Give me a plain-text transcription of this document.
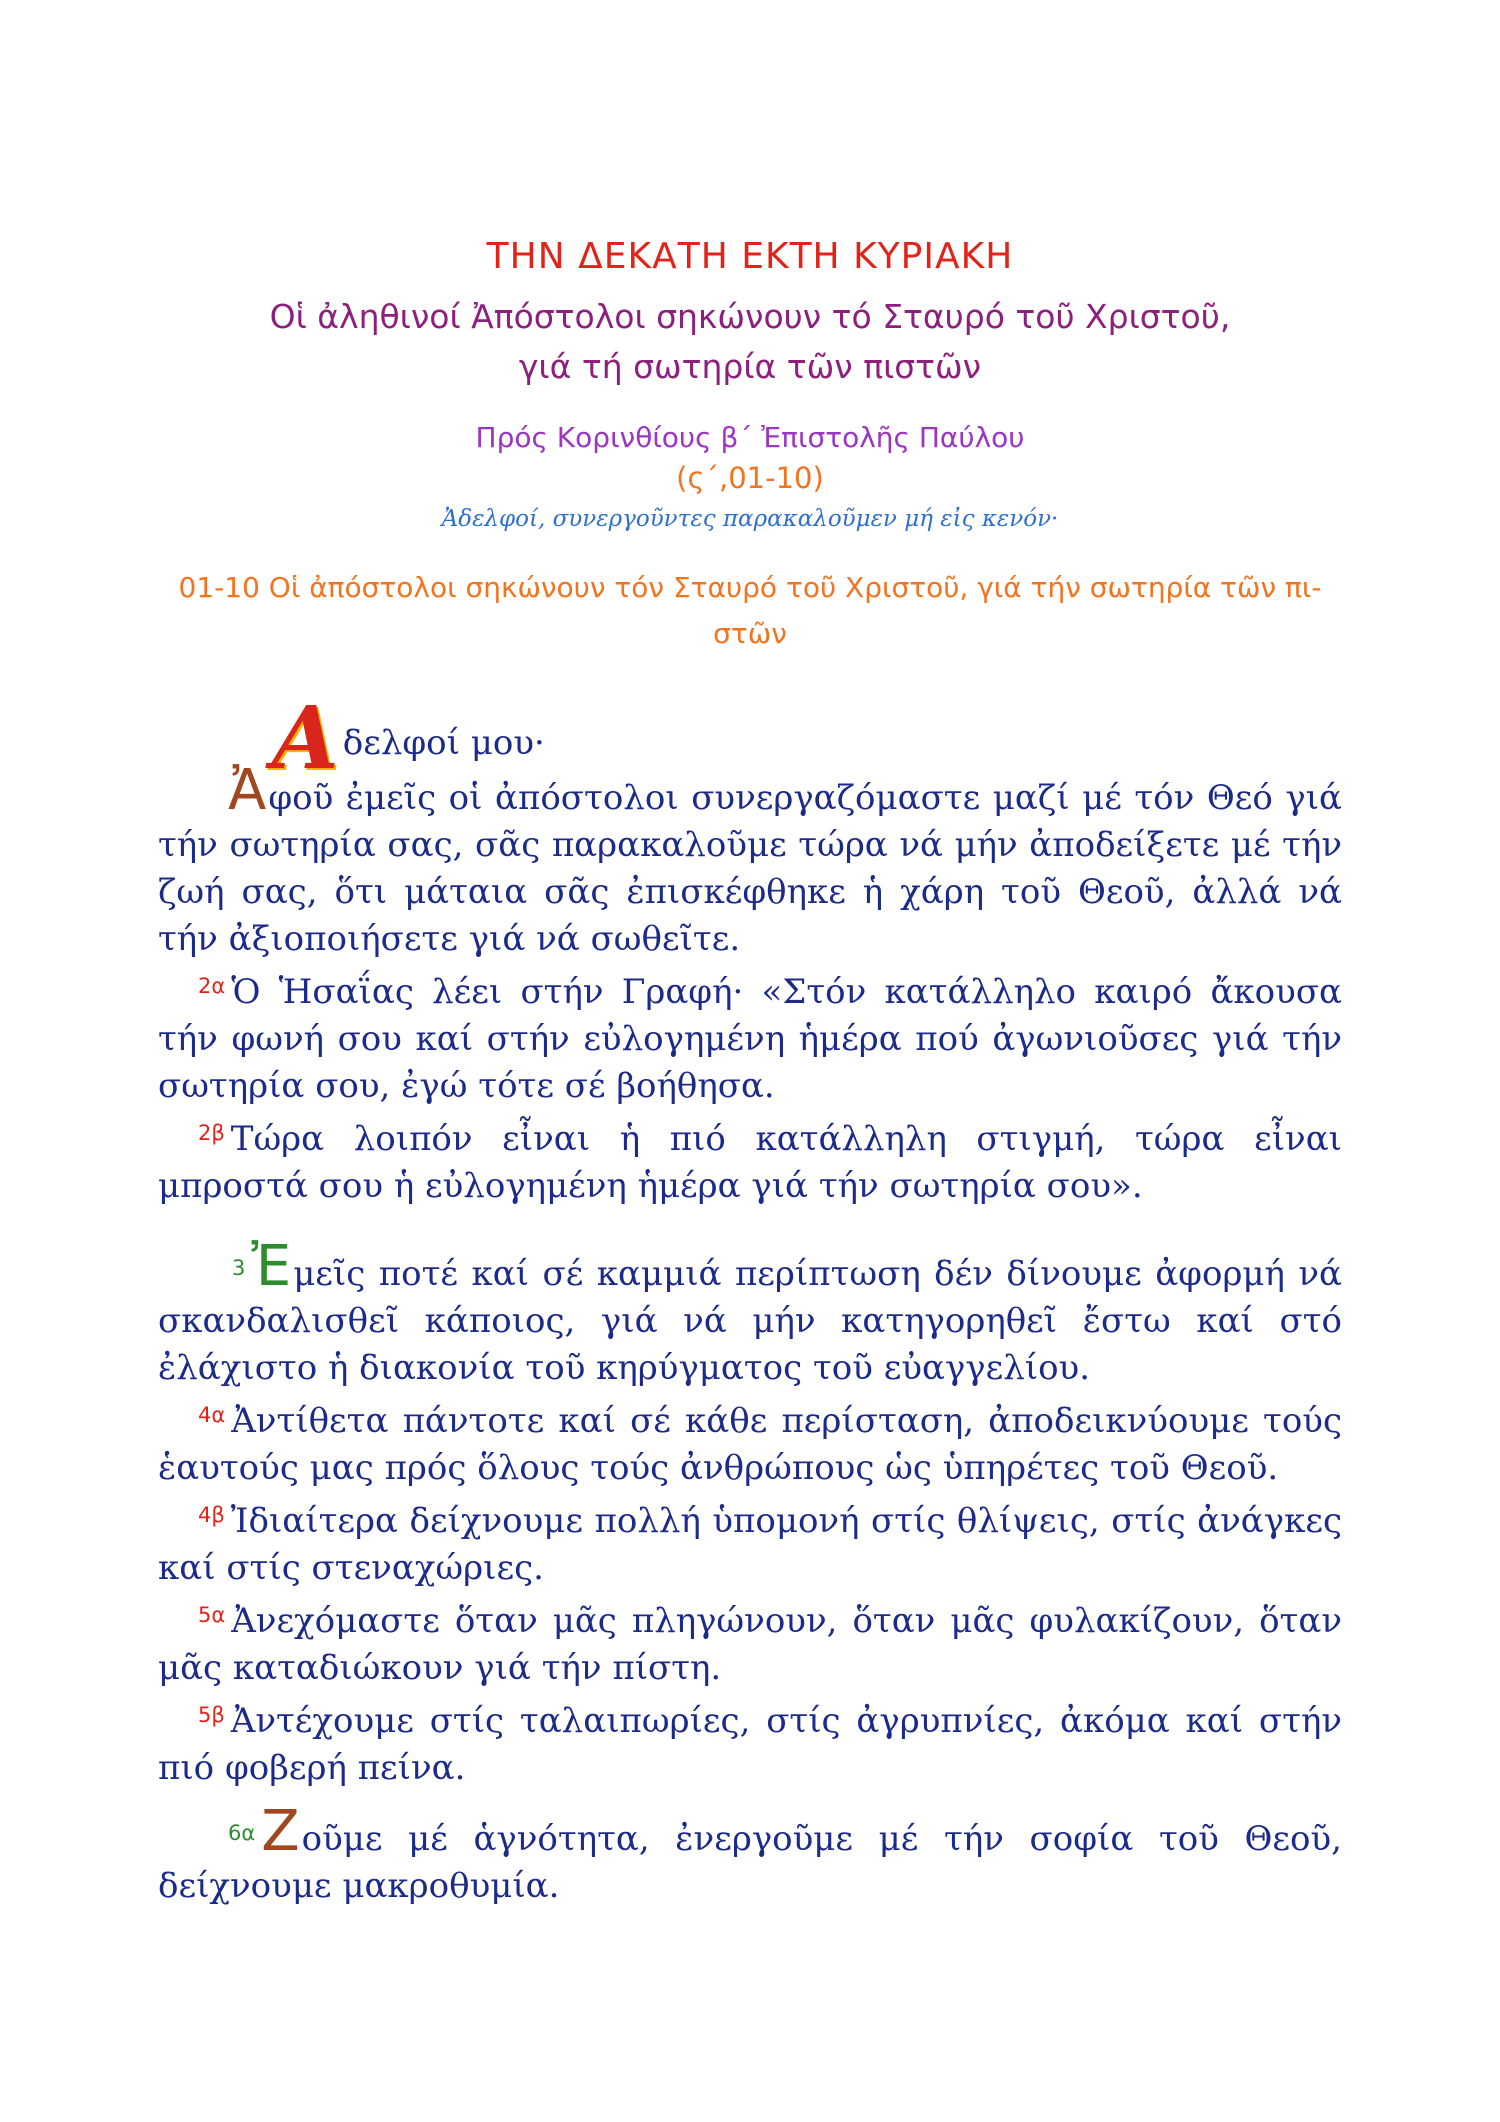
ΤΗΝ ΔΕΚΑΤΗ ΕΚΤΗ ΚΥΡΙΑΚΗ
Οἱ ἀληθινοί Ἀπόστολοι σηκώνουν τό Σταυρό τοῦ Χριστοῦ,
γιά τή σωτηρία τῶν πιστῶν
Πρός Κορινθίους β΄ Ἐπιστολῆς Παύλου
(ς΄,01-10)
Ἀδελφοί, συνεργοῦντες παρακαλοῦμεν μή εἰς κενόν·
01-10 Οἱ ἀπόστολοι σηκώνουν τόν Σταυρό τοῦ Χριστοῦ, γιά τήν σωτηρία τῶν πι-στῶν
Αδελφοί μου·

Ἀφοῦ ἐμεῖς οἱ ἀπόστολοι συνεργαζόμαστε μαζί μέ τόν Θεό γιά τήν σωτηρία σας, σᾶς παρακαλοῦμε τώρα νά μήν ἀποδείξετε μέ τήν ζωή σας, ὅτι μάταια σᾶς ἐπισκέφθηκε ἡ χάρη τοῦ Θεοῦ, ἀλλά νά τήν ἀξιοποιήσετε γιά νά σωθεῖτε.

$^{2\alpha}$ Ὁ Ἡσαΐας λέει στήν Γραφή· «Στόν κατάλληλο καιρό ἄκουσα τήν φωνή σου καί στήν εὐλογημένη ἡμέρα πού ἀγωνιοῦσες γιά τήν σωτηρία σου, ἐγώ τότε σέ βοήθησα.

$^{2\beta}$ Τώρα λοιπόν εἶναι ἡ πιό κατάλληλη στιγμή, τώρα εἶναι μπροστά σου ἡ εὐλογημένη ἡμέρα γιά τήν σωτηρία σου».

$^3$ Ἐμεῖς ποτέ καί σέ καμμιά περίπτωση δέν δίνουμε ἀφορμή νά σκανδαλισθεῖ κάποιος, γιά νά μήν κατηγορηθεῖ ἔστω καί στό ἐλάχιστο ἡ διακονία τοῦ κηρύγματος τοῦ εὐαγγελίου.

$^{4\alpha}$ Ἀντίθετα πάντοτε καί σέ κάθε περίσταση, ἀποδεικνύουμε τούς ἑαυτούς μας πρός ὅλους τούς ἀνθρώπους ὡς ὑπηρέτες τοῦ Θεοῦ.

$^{4\beta}$ Ἰδιαίτερα δείχνουμε πολλή ὑπομονή στίς θλίψεις, στίς ἀνάγκες καί στίς στεναχώριες.

$^{5\alpha}$ Ἀνεχόμαστε ὅταν μᾶς πληγώνουν, ὅταν μᾶς φυλακίζουν, ὅταν μᾶς καταδιώκουν γιά τήν πίστη.

$^{5\beta}$ Ἀντέχουμε στίς ταλαιπωρίες, στίς ἀγρυπνίες, ἀκόμα καί στήν πιό φοβερή πείνα.

$^{6\alpha}$ Ζοῦμε μέ ἁγνότητα, ἐνεργοῦμε μέ τήν σοφία τοῦ Θεοῦ, δείχνουμε μακροθυμία.
